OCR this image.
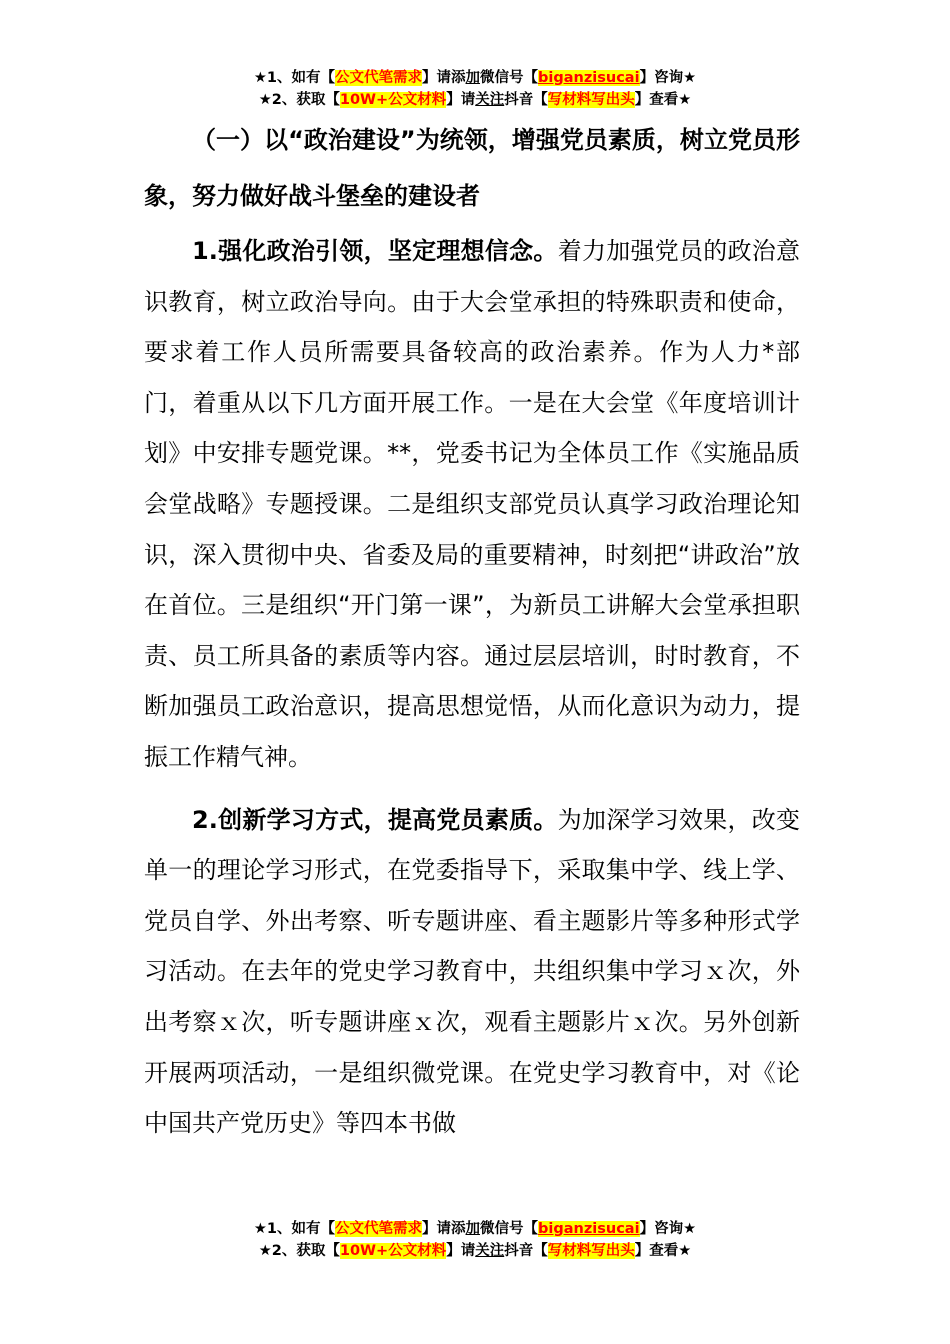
★1、如有【公文代笔需求】请添加微信号【biganzisucai】咨询★
★2、获取【10W+公文材料】请关注抖音【写材料写出头】查看★

（一）以“政治建设”为统领，增强党员素质，树立党员形象，努力做好战斗堡垒的建设者

1.强化政治引领，坚定理想信念。着力加强党员的政治意识教育，树立政治导向。由于大会堂承担的特殊职责和使命，要求着工作人员所需要具备较高的政治素养。作为人力*部门，着重从以下几方面开展工作。一是在大会堂《年度培训计划》中安排专题党课。**，党委书记为全体员工作《实施品质会堂战略》专题授课。二是组织支部党员认真学习政治理论知识，深入贯彻中央、省委及局的重要精神，时刻把“讲政治”放在首位。三是组织“开门第一课”，为新员工讲解大会堂承担职责、员工所具备的素质等内容。通过层层培训，时时教育，不断加强员工政治意识，提高思想觉悟，从而化意识为动力，提振工作精气神。

2.创新学习方式，提高党员素质。为加深学习效果，改变单一的理论学习形式，在党委指导下，采取集中学、线上学、党员自学、外出考察、听专题讲座、看主题影片等多种形式学习活动。在去年的党史学习教育中，共组织集中学习ｘ次，外出考察ｘ次，听专题讲座ｘ次，观看主题影片ｘ次。另外创新开展两项活动，一是组织微党课。在党史学习教育中，对《论中国共产党历史》等四本书做

★1、如有【公文代笔需求】请添加微信号【biganzisucai】咨询★
★2、获取【10W+公文材料】请关注抖音【写材料写出头】查看★
